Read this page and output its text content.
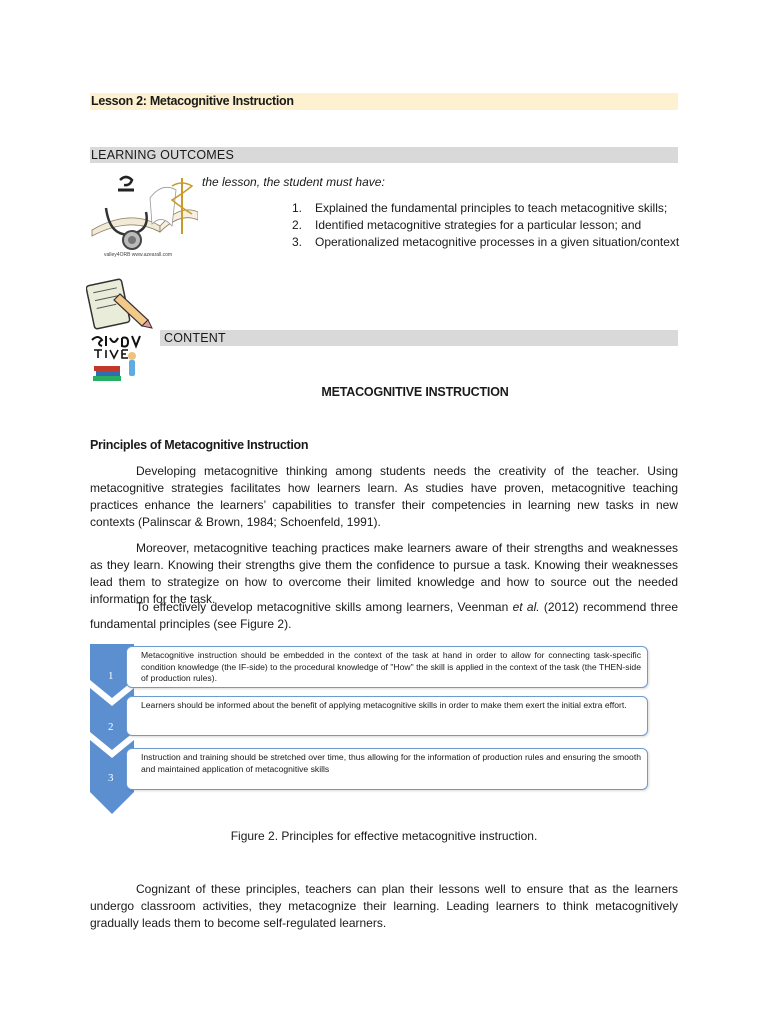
Lesson 2: Metacognitive Instruction
LEARNING OUTCOMES
valley4ORB www.azearall.com
the lesson, the student must have:
1. Explained the fundamental principles to teach metacognitive skills;
2. Identified metacognitive strategies for a particular lesson; and
3. Operationalized metacognitive processes in a given situation/context
CONTENT
METACOGNITIVE INSTRUCTION
Principles of Metacognitive Instruction

Developing metacognitive thinking among students needs the creativity of the teacher. Using metacognitive strategies facilitates how learners learn. As studies have proven, metacognitive teaching practices enhance the learners’ capabilities to transfer their competencies in learning new tasks in new contexts (Palinscar & Brown, 1984; Schoenfeld, 1991).

Moreover, metacognitive teaching practices make learners aware of their strengths and weaknesses as they learn. Knowing their strengths give them the confidence to pursue a task. Knowing their weaknesses lead them to strategize on how to overcome their limited knowledge and how to source out the needed information for the task.

To effectively develop metacognitive skills among learners, Veenman et al. (2012) recommend three fundamental principles (see Figure 2).

1
2
3
Metacognitive instruction should be embedded in the context of the task at hand in order to allow for connecting task-specific condition knowledge (the IF-side) to the procedural knowledge of "How" the skill is applied in the context of the task (the THEN-side of production rules).
Learners should be informed about the benefit of applying metacognitive skills in order to make them exert the initial extra effort.
Instruction and training should be stretched over time, thus allowing for the information of production rules and ensuring the smooth and maintained application of metacognitive skills
Figure 2. Principles for effective metacognitive instruction.

Cognizant of these principles, teachers can plan their lessons well to ensure that as the learners undergo classroom activities, they metacognize their learning. Leading learners to think metacognitively gradually leads them to become self-regulated learners.
